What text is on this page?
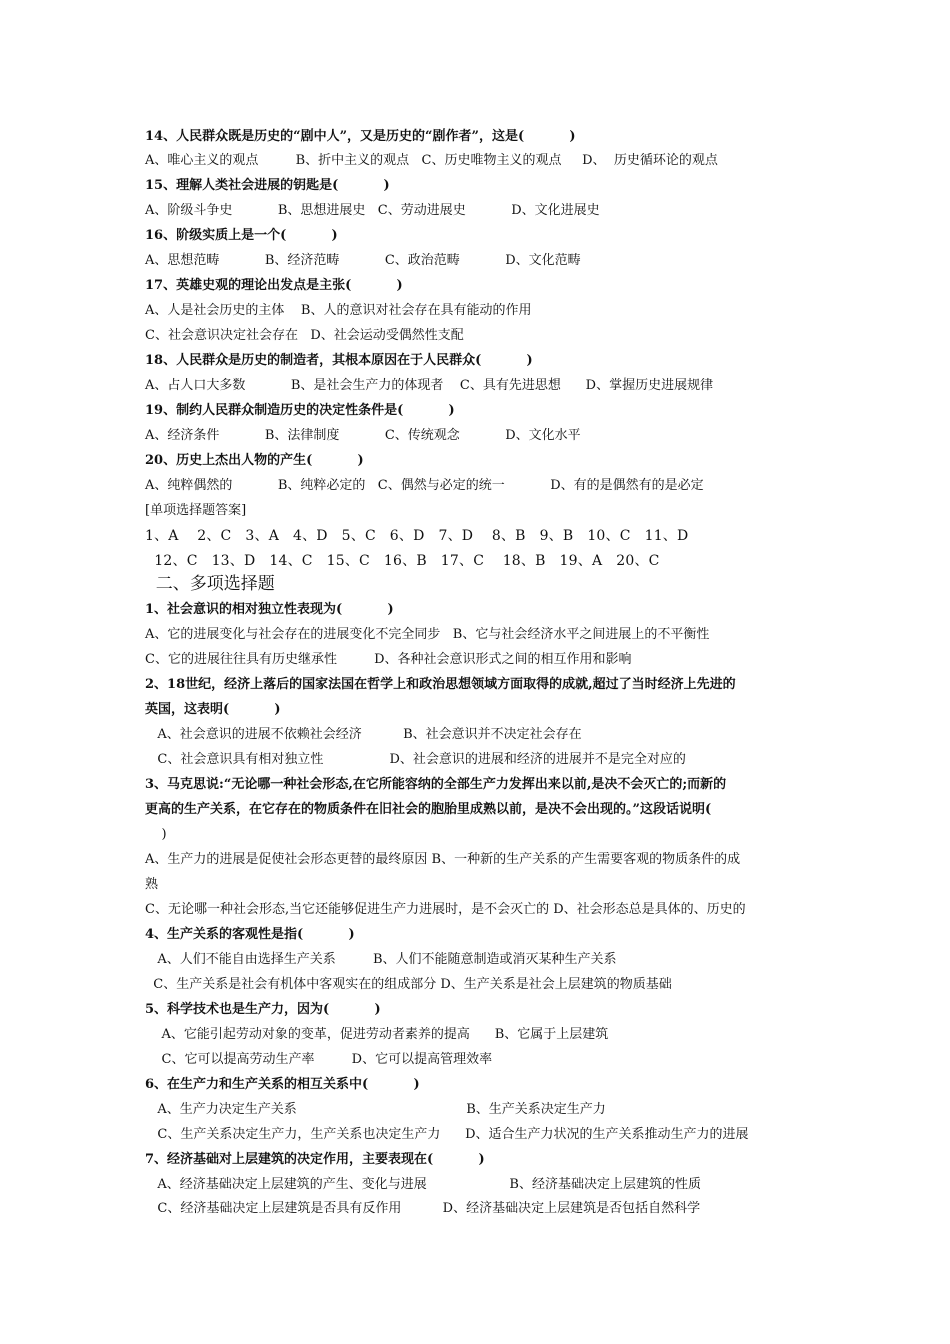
14、人民群众既是历史的“剧中人”，又是历史的“剧作者”，这是(          )
A、唯心主义的观点         B、折中主义的观点   C、历史唯物主义的观点     D、  历史循环论的观点
15、理解人类社会进展的钥匙是(          )
A、阶级斗争史           B、思想进展史   C、劳动进展史           D、文化进展史
16、阶级实质上是一个(          )
A、思想范畴           B、经济范畴           C、政治范畴           D、文化范畴
17、英雄史观的理论出发点是主张(          )
A、人是社会历史的主体    B、人的意识对社会存在具有能动的作用
C、社会意识决定社会存在   D、社会运动受偶然性支配
18、人民群众是历史的制造者，其根本原因在于人民群众(          )
A、占人口大多数           B、是社会生产力的体现者    C、具有先进思想      D、掌握历史进展规律
19、制约人民群众制造历史的决定性条件是(          )
A、经济条件           B、法律制度           C、传统观念           D、文化水平
20、历史上杰出人物的产生(          )
A、纯粹偶然的           B、纯粹必定的   C、偶然与必定的统一           D、有的是偶然有的是必定
[单项选择题答案]
1、A    2、C   3、A   4、D   5、C   6、D   7、D    8、B   9、B   10、C   11、D
12、C   13、D   14、C   15、C   16、B   17、C    18、B   19、A   20、C
二、多项选择题
1、社会意识的相对独立性表现为(          )
A、它的进展变化与社会存在的进展变化不完全同步   B、它与社会经济水平之间进展上的不平衡性
C、它的进展往往具有历史继承性         D、各种社会意识形式之间的相互作用和影响
2、18世纪，经济上落后的国家法国在哲学上和政治思想领域方面取得的成就,超过了当时经济上先进的
英国，这表明(          )
A、社会意识的进展不依赖社会经济          B、社会意识并不决定社会存在
C、社会意识具有相对独立性                D、社会意识的进展和经济的进展并不是完全对应的
3、马克思说:“无论哪一种社会形态,在它所能容纳的全部生产力发挥出来以前,是决不会灭亡的;而新的
更高的生产关系，在它存在的物质条件在旧社会的胞胎里成熟以前，是决不会出现的。”这段话说明(
)
A、生产力的进展是促使社会形态更替的最终原因 B、一种新的生产关系的产生需要客观的物质条件的成
熟
C、无论哪一种社会形态,当它还能够促进生产力进展时，是不会灭亡的 D、社会形态总是具体的、历史的
4、生产关系的客观性是指(          )
A、人们不能自由选择生产关系         B、人们不能随意制造或消灭某种生产关系
C、生产关系是社会有机体中客观实在的组成部分 D、生产关系是社会上层建筑的物质基础
5、科学技术也是生产力，因为(          )
A、它能引起劳动对象的变革，促进劳动者素养的提高      B、它属于上层建筑
C、它可以提高劳动生产率         D、它可以提高管理效率
6、在生产力和生产关系的相互关系中(          )
A、生产力决定生产关系                                         B、生产关系决定生产力
C、生产关系决定生产力，生产关系也决定生产力      D、适合生产力状况的生产关系推动生产力的进展
7、经济基础对上层建筑的决定作用，主要表现在(          )
A、经济基础决定上层建筑的产生、变化与进展                    B、经济基础决定上层建筑的性质
C、经济基础决定上层建筑是否具有反作用          D、经济基础决定上层建筑是否包括自然科学
